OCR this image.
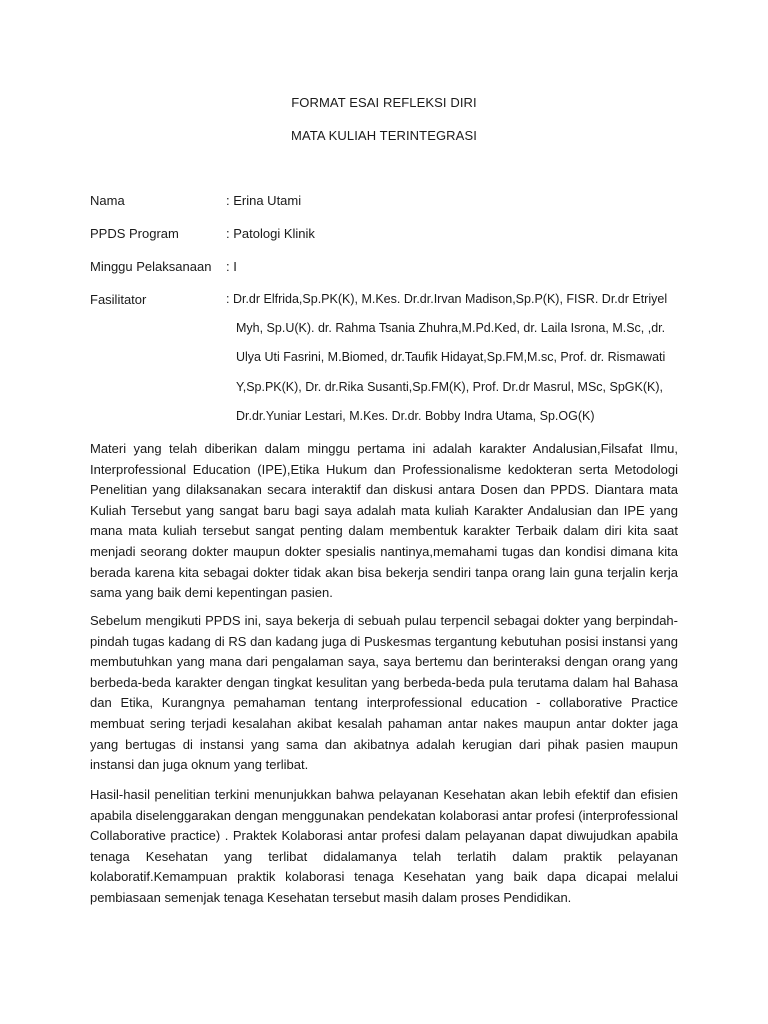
FORMAT ESAI REFLEKSI DIRI
MATA KULIAH TERINTEGRASI
Nama	: Erina Utami
PPDS Program	: Patologi Klinik
Minggu Pelaksanaan : I
Fasilitator	: Dr.dr Elfrida,Sp.PK(K), M.Kes. Dr.dr.Irvan Madison,Sp.P(K), FISR. Dr.dr Etriyel
Myh, Sp.U(K). dr. Rahma Tsania Zhuhra,M.Pd.Ked, dr. Laila Isrona, M.Sc, ,dr.
Ulya Uti Fasrini, M.Biomed, dr.Taufik Hidayat,Sp.FM,M.sc, Prof. dr. Rismawati
Y,Sp.PK(K), Dr. dr.Rika Susanti,Sp.FM(K), Prof. Dr.dr Masrul, MSc, SpGK(K),
Dr.dr.Yuniar Lestari, M.Kes. Dr.dr. Bobby Indra Utama, Sp.OG(K)

Materi yang telah diberikan dalam minggu pertama ini adalah karakter Andalusian,Filsafat Ilmu, Interprofessional Education (IPE),Etika Hukum dan Professionalisme kedokteran serta Metodologi Penelitian yang dilaksanakan secara interaktif dan diskusi antara Dosen dan PPDS. Diantara mata Kuliah Tersebut yang sangat baru bagi saya adalah mata kuliah Karakter Andalusian dan IPE yang mana mata kuliah tersebut sangat penting dalam membentuk karakter Terbaik dalam diri kita saat menjadi seorang dokter maupun dokter spesialis nantinya,memahami tugas dan kondisi dimana kita berada karena kita sebagai dokter tidak akan bisa bekerja sendiri tanpa orang lain guna terjalin kerja sama yang baik demi kepentingan pasien.

Sebelum mengikuti PPDS ini, saya bekerja di sebuah pulau terpencil sebagai dokter yang berpindah-pindah tugas kadang di RS dan kadang juga di Puskesmas tergantung kebutuhan posisi instansi yang membutuhkan yang mana dari pengalaman saya, saya bertemu dan berinteraksi dengan orang yang berbeda-beda karakter dengan tingkat kesulitan yang berbeda-beda pula terutama dalam hal Bahasa dan Etika, Kurangnya pemahaman tentang interprofessional education - collaborative Practice membuat sering terjadi kesalahan akibat kesalah pahaman antar nakes maupun antar dokter jaga yang bertugas di instansi yang sama dan akibatnya adalah kerugian dari pihak pasien maupun instansi dan juga oknum yang terlibat.

Hasil-hasil penelitian terkini menunjukkan bahwa pelayanan Kesehatan akan lebih efektif dan efisien apabila diselenggarakan dengan menggunakan pendekatan kolaborasi antar profesi (interprofessional Collaborative practice) . Praktek Kolaborasi antar profesi dalam pelayanan dapat diwujudkan apabila tenaga Kesehatan yang terlibat didalamanya telah terlatih dalam praktik pelayanan kolaboratif.Kemampuan praktik kolaborasi tenaga Kesehatan yang baik dapa dicapai melalui pembiasaan semenjak tenaga Kesehatan tersebut masih dalam proses Pendidikan.
